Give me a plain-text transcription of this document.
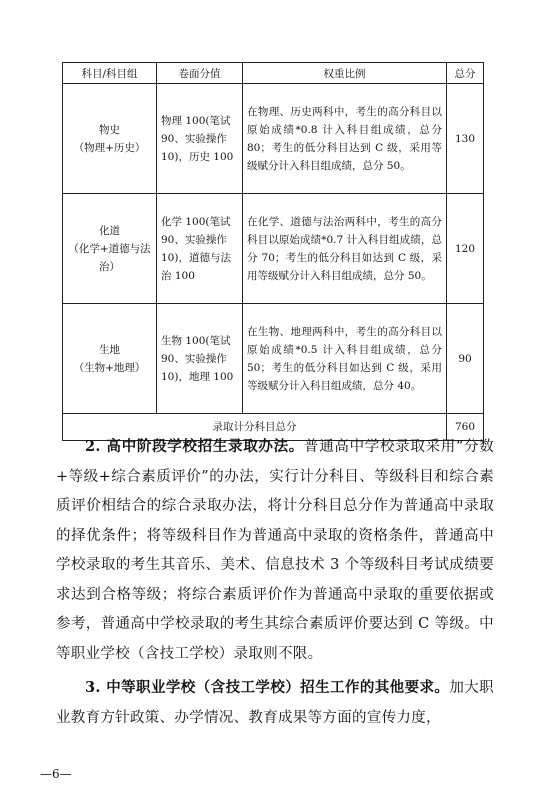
科目/科目组	卷面分值	权重比例	总分

物史
（物理+历史）	物理 100(笔试 90、实验操作 10)，历史 100	在物理、历史两科中，考生的高分科目以原始成绩*0.8 计入科目组成绩，总分 80；考生的低分科目达到 C 级，采用等级赋分计入科目组成绩，总分 50。	130

化道
（化学+道德与法治）	化学 100(笔试 90、实验操作 10)，道德与法治 100	在化学、道德与法治两科中，考生的高分科目以原始成绩*0.7 计入科目组成绩，总分 70；考生的低分科目如达到 C 级，采用等级赋分计入科目组成绩，总分 50。	120

生地
（生物+地理）	生物 100(笔试 90、实验操作 10)，地理 100	在生物、地理两科中，考生的高分科目以原始成绩*0.5 计入科目组成绩，总分 50；考生的低分科目如达到 C 级，采用等级赋分计入科目组成绩，总分 40。	90
录取计分科目总分			760

2. 高中阶段学校招生录取办法。普通高中学校录取采用“分数+等级+综合素质评价”的办法，实行计分科目、等级科目和综合素质评价相结合的综合录取办法，将计分科目总分作为普通高中录取的择优条件；将等级科目作为普通高中录取的资格条件，普通高中学校录取的考生其音乐、美术、信息技术 3 个等级科目考试成绩要求达到合格等级；将综合素质评价作为普通高中录取的重要依据或参考，普通高中学校录取的考生其综合素质评价要达到 C 等级。中等职业学校（含技工学校）录取则不限。

3. 中等职业学校（含技工学校）招生工作的其他要求。加大职业教育方针政策、办学情况、教育成果等方面的宣传力度，

—6—
